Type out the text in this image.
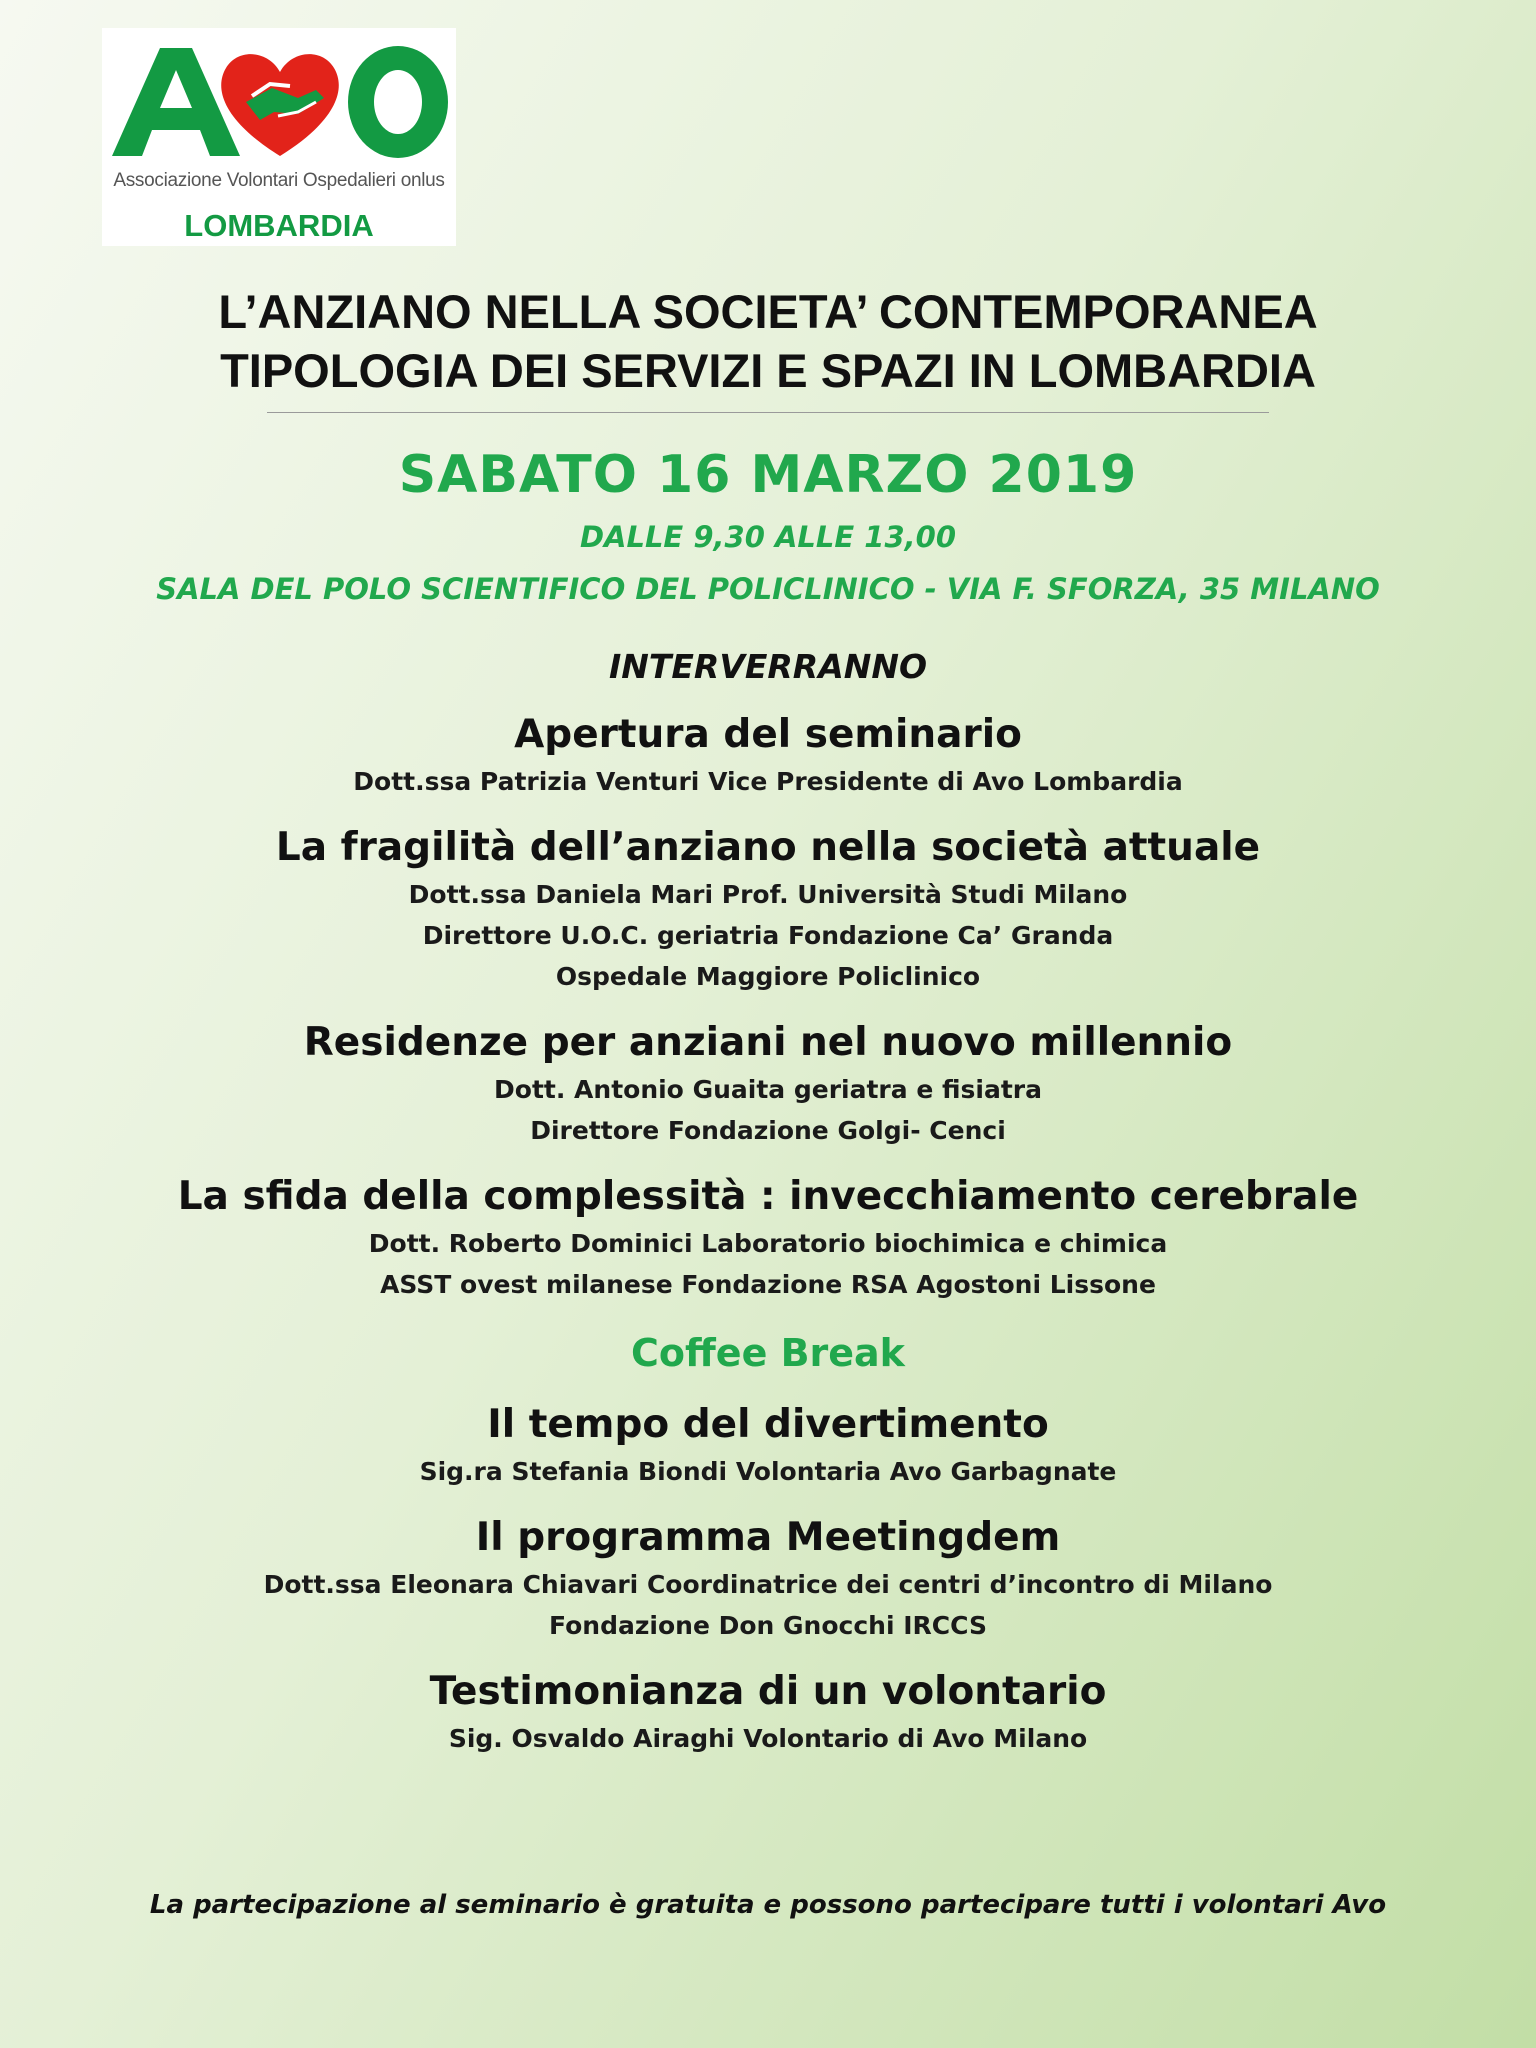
Associazione Volontari Ospedalieri onlus
LOMBARDIA
L’ANZIANO NELLA SOCIETA’ CONTEMPORANEA
TIPOLOGIA DEI SERVIZI E SPAZI IN LOMBARDIA
SABATO 16 MARZO 2019
DALLE 9,30 ALLE 13,00
SALA DEL POLO SCIENTIFICO DEL POLICLINICO - VIA F. SFORZA, 35 MILANO
INTERVERRANNO
Apertura del seminario
Dott.ssa Patrizia Venturi Vice Presidente di Avo Lombardia
La fragilità dell’anziano nella società attuale
Dott.ssa Daniela Mari Prof. Università Studi Milano
Direttore U.O.C. geriatria Fondazione Ca’ Granda
Ospedale Maggiore Policlinico
Residenze per anziani nel nuovo millennio
Dott. Antonio Guaita geriatra e fisiatra
Direttore Fondazione Golgi- Cenci
La sfida della complessità : invecchiamento cerebrale
Dott. Roberto Dominici Laboratorio biochimica e chimica
ASST ovest milanese Fondazione RSA Agostoni Lissone
Coffee Break
Il tempo del divertimento
Sig.ra Stefania Biondi Volontaria Avo Garbagnate
Il programma Meetingdem
Dott.ssa Eleonara Chiavari Coordinatrice dei centri d’incontro di Milano
Fondazione Don Gnocchi IRCCS
Testimonianza di un volontario
Sig. Osvaldo Airaghi Volontario di Avo Milano
La partecipazione al seminario è gratuita e possono partecipare tutti i volontari Avo
